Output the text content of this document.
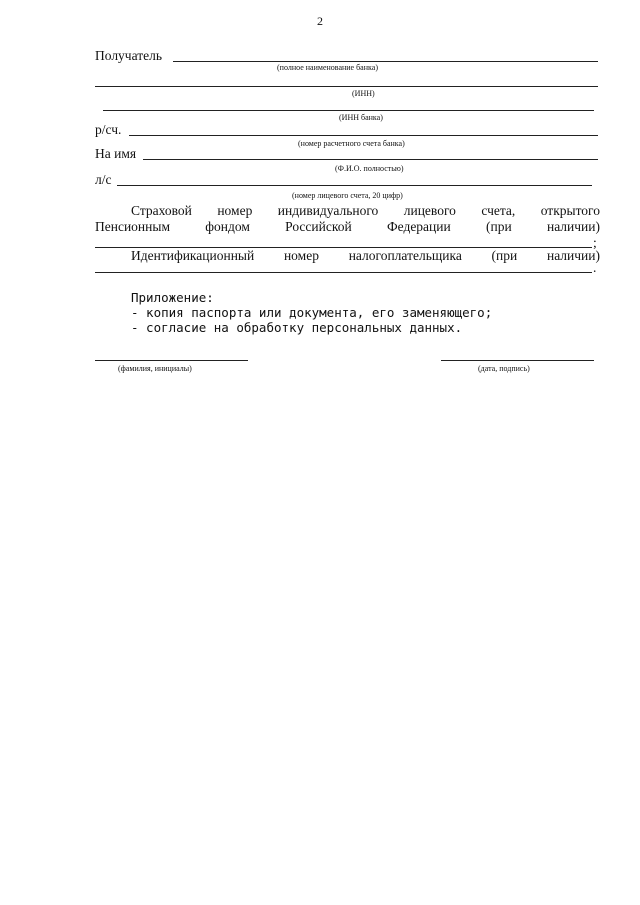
2
Получатель
(полное наименование банка)
(ИНН)
(ИНН банка)
р/сч.
(номер расчетного счета банка)
На имя
(Ф.И.О. полностью)
л/с
(номер лицевого счета, 20 цифр)
Страховой номер индивидуального лицевого счета, открытого
Пенсионным	фондом	Российской	Федерации	(при	наличии)
;
Идентификационный номер налогоплательщика (при наличии)
.
Приложение:
- копия паспорта или документа, его заменяющего;
- согласие на обработку персональных данных.
(фамилия, инициалы)	(дата, подпись)
